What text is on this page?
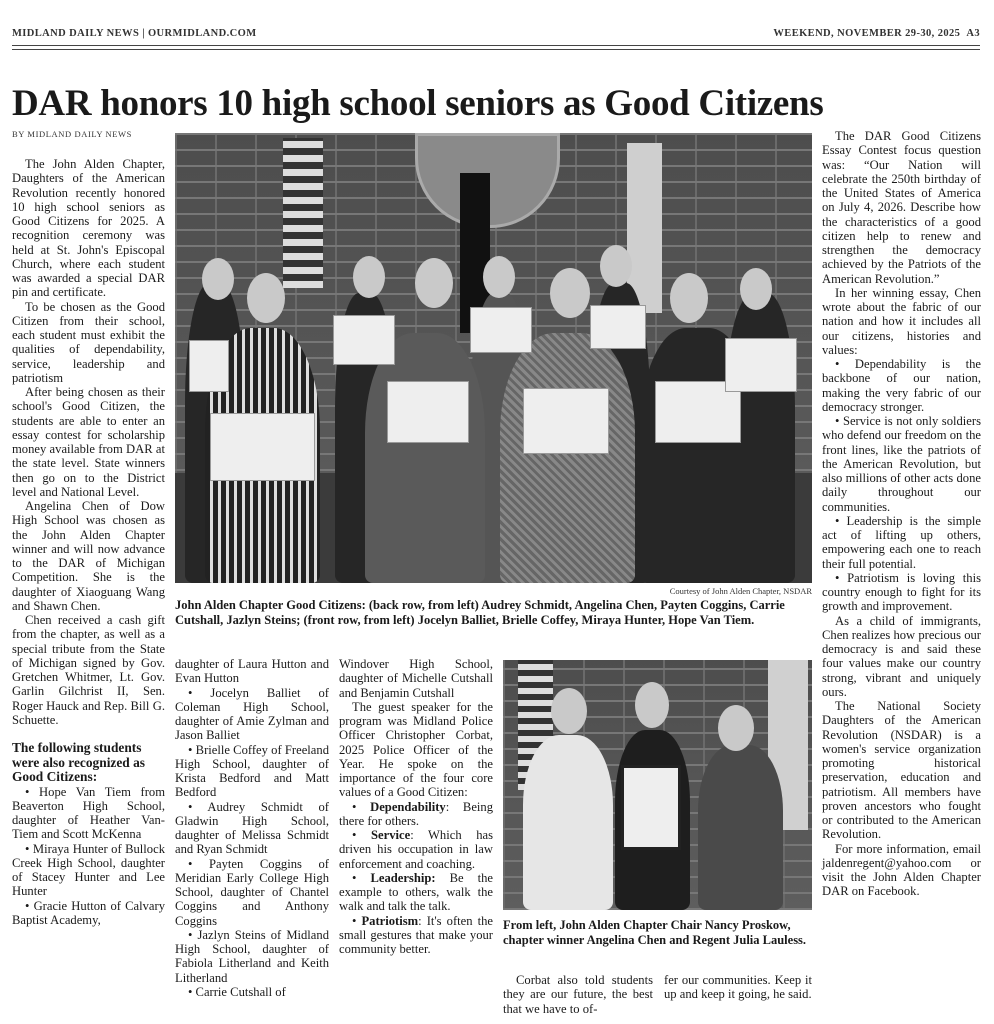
MIDLAND DAILY NEWS | OURMIDLAND.COM	WEEKEND, NOVEMBER 29-30, 2025 A3
DAR honors 10 high school seniors as Good Citizens
BY MIDLAND DAILY NEWS

The John Alden Chapter, Daughters of the American Revolution recently honored 10 high school seniors as Good Citizens for 2025. A recognition ceremony was held at St. John's Episcopal Church, where each student was awarded a special DAR pin and certificate.

To be chosen as the Good Citizen from their school, each student must exhibit the qualities of dependability, service, leadership and patriotism

After being chosen as their school's Good Citizen, the students are able to enter an essay contest for scholarship money available from DAR at the state level. State winners then go on to the District level and National Level.

Angelina Chen of Dow High School was chosen as the John Alden Chapter winner and will now advance to the DAR of Michigan Competition. She is the daughter of Xiaoguang Wang and Shawn Chen.

Chen received a cash gift from the chapter, as well as a special tribute from the State of Michigan signed by Gov. Gretchen Whitmer, Lt. Gov. Garlin Gilchrist II, Sen. Roger Hauck and Rep. Bill G. Schuette.

The following students were also recognized as Good Citizens:

• Hope Van Tiem from Beaverton High School, daughter of Heather Van-Tiem and Scott McKenna

• Miraya Hunter of Bullock Creek High School, daughter of Stacey Hunter and Lee Hunter

• Gracie Hutton of Calvary Baptist Academy,

Courtesy of John Alden Chapter, NSDAR
John Alden Chapter Good Citizens: (back row, from left) Audrey Schmidt, Angelina Chen, Payten Coggins, Carrie Cutshall, Jazlyn Steins; (front row, from left) Jocelyn Balliet, Brielle Coffey, Miraya Hunter, Hope Van Tiem.

daughter of Laura Hutton and Evan Hutton

• Jocelyn Balliet of Coleman High School, daughter of Amie Zylman and Jason Balliet

• Brielle Coffey of Freeland High School, daughter of Krista Bedford and Matt Bedford

• Audrey Schmidt of Gladwin High School, daughter of Melissa Schmidt and Ryan Schmidt

• Payten Coggins of Meridian Early College High School, daughter of Chantel Coggins and Anthony Coggins

• Jazlyn Steins of Midland High School, daughter of Fabiola Litherland and Keith Litherland

• Carrie Cutshall of

Windover High School, daughter of Michelle Cutshall and Benjamin Cutshall

The guest speaker for the program was Midland Police Officer Christopher Corbat, 2025 Police Officer of the Year. He spoke on the importance of the four core values of a Good Citizen:

• Dependability: Being there for others.

• Service: Which has driven his occupation in law enforcement and coaching.

• Leadership: Be the example to others, walk the walk and talk the talk.

• Patriotism: It's often the small gestures that make your community better.

From left, John Alden Chapter Chair Nancy Proskow, chapter winner Angelina Chen and Regent Julia Lauless.

Corbat also told students they are our future, the best that we have to of-

fer our communities. Keep it up and keep it going, he said.

The DAR Good Citizens Essay Contest focus question was: “Our Nation will celebrate the 250th birthday of the United States of America on July 4, 2026. Describe how the characteristics of a good citizen help to renew and strengthen the democracy achieved by the Patriots of the American Revolution.”

In her winning essay, Chen wrote about the fabric of our nation and how it includes all our citizens, histories and values:

• Dependability is the backbone of our nation, making the very fabric of our democracy stronger.

• Service is not only soldiers who defend our freedom on the front lines, like the patriots of the American Revolution, but also millions of other acts done daily throughout our communities.

• Leadership is the simple act of lifting up others, empowering each one to reach their full potential.

• Patriotism is loving this country enough to fight for its growth and improvement.

As a child of immigrants, Chen realizes how precious our democracy is and said these four values make our country strong, vibrant and uniquely ours.

The National Society Daughters of the American Revolution (NSDAR) is a women's service organization promoting historical preservation, education and patriotism. All members have proven ancestors who fought or contributed to the American Revolution.

For more information, email jaldenregent@yahoo.com or visit the John Alden Chapter DAR on Facebook.
